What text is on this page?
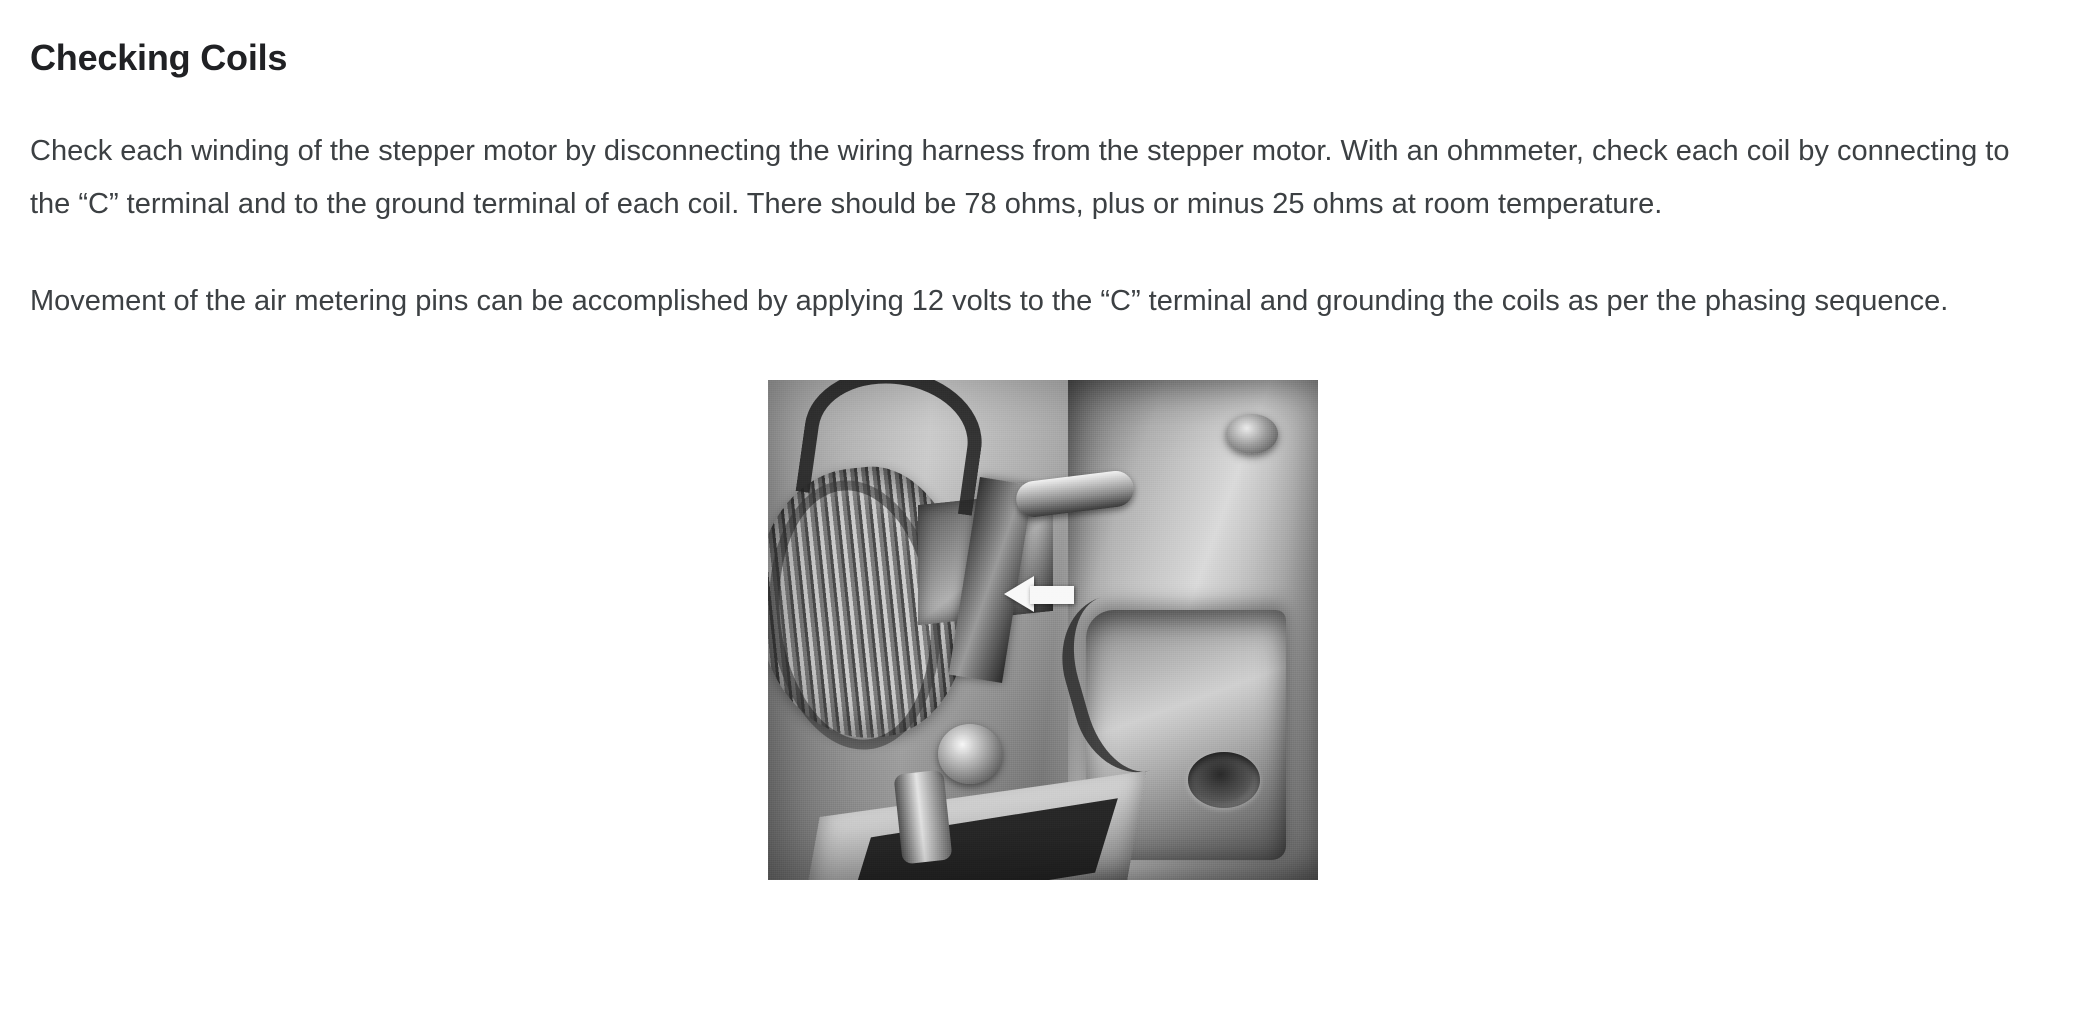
Checking Coils

Check each winding of the stepper motor by disconnecting the wiring harness from the stepper motor. With an ohmmeter, check each coil by connecting to the “C” terminal and to the ground terminal of each coil. There should be 78 ohms, plus or minus 25 ohms at room temperature.

Movement of the air metering pins can be accomplished by applying 12 volts to the “C” terminal and grounding the coils as per the phasing sequence.
